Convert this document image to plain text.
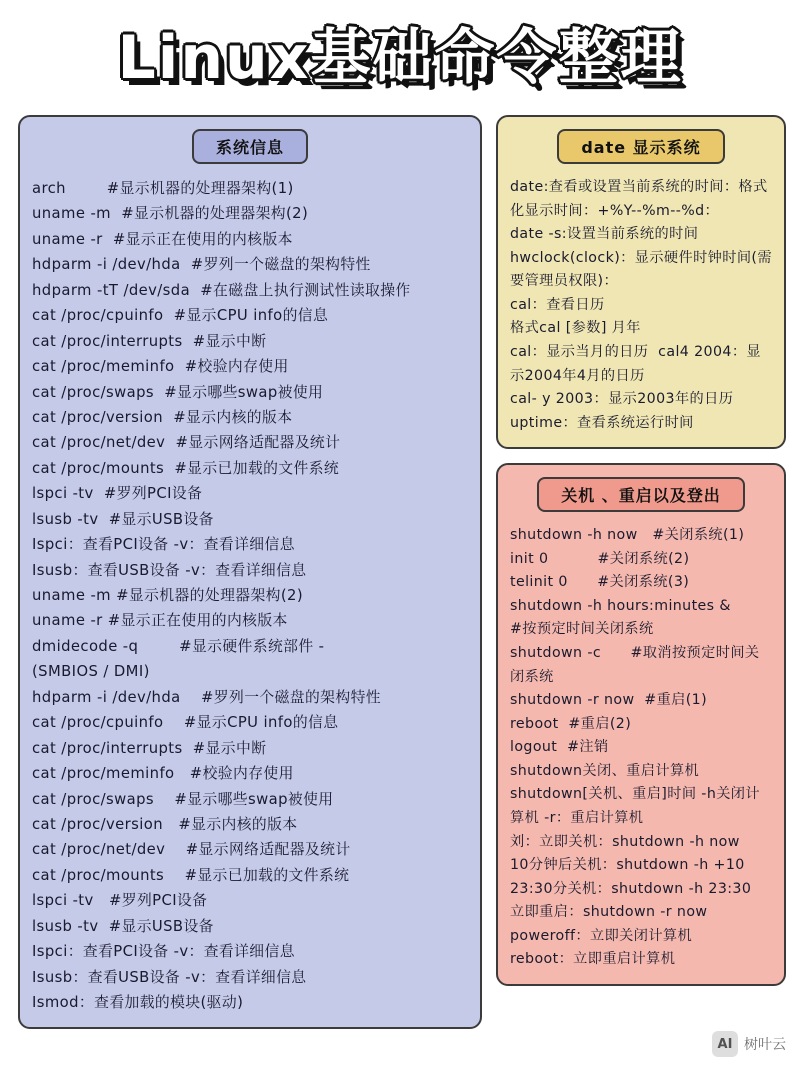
Linux基础命令整理
系统信息
arch        #显示机器的处理器架构(1)
uname -m  #显示机器的处理器架构(2)
uname -r  #显示正在使用的内核版本
hdparm -i /dev/hda  #罗列一个磁盘的架构特性
hdparm -tT /dev/sda  #在磁盘上执行测试性读取操作
cat /proc/cpuinfo  #显示CPU info的信息
cat /proc/interrupts  #显示中断
cat /proc/meminfo  #校验内存使用
cat /proc/swaps  #显示哪些swap被使用
cat /proc/version  #显示内核的版本
cat /proc/net/dev  #显示网络适配器及统计
cat /proc/mounts  #显示已加载的文件系统
lspci -tv  #罗列PCI设备
lsusb -tv  #显示USB设备
Ispci：查看PCI设备 -v：查看详细信息
Isusb：查看USB设备 -v：查看详细信息
uname -m #显示机器的处理器架构(2)
uname -r #显示正在使用的内核版本
dmidecode -q        #显示硬件系统部件 -
(SMBIOS / DMI)
hdparm -i /dev/hda    #罗列一个磁盘的架构特性
cat /proc/cpuinfo    #显示CPU info的信息
cat /proc/interrupts  #显示中断
cat /proc/meminfo   #校验内存使用
cat /proc/swaps    #显示哪些swap被使用
cat /proc/version   #显示内核的版本
cat /proc/net/dev    #显示网络适配器及统计
cat /proc/mounts    #显示已加载的文件系统
lspci -tv   #罗列PCI设备
lsusb -tv  #显示USB设备
Ispci：查看PCI设备 -v：查看详细信息
Isusb：查看USB设备 -v：查看详细信息
Ismod：查看加载的模块(驱动)
date 显示系统
date:查看或设置当前系统的时间：格式化显示时间：+%Y--%m--%d：
date -s:设置当前系统的时间
hwclock(clock)：显示硬件时钟时间(需要管理员权限)：
cal：查看日历
格式cal [参数] 月年
cal：显示当月的日历  cal4 2004：显示2004年4月的日历
cal- y 2003：显示2003年的日历
uptime：查看系统运行时间
关机 、重启以及登出
shutdown -h now   #关闭系统(1)
init 0          #关闭系统(2)
telinit 0      #关闭系统(3)
shutdown -h hours:minutes &
#按预定时间关闭系统
shutdown -c      #取消按预定时间关闭系统
shutdown -r now  #重启(1)
reboot  #重启(2)
logout  #注销
shutdown关闭、重启计算机
shutdown[关机、重启]时间 -h关闭计算机 -r：重启计算机
刘：立即关机：shutdown -h now
10分钟后关机：shutdown -h +10
23:30分关机：shutdown -h 23:30
立即重启：shutdown -r now
poweroff：立即关闭计算机
reboot：立即重启计算机
AI 树叶云
